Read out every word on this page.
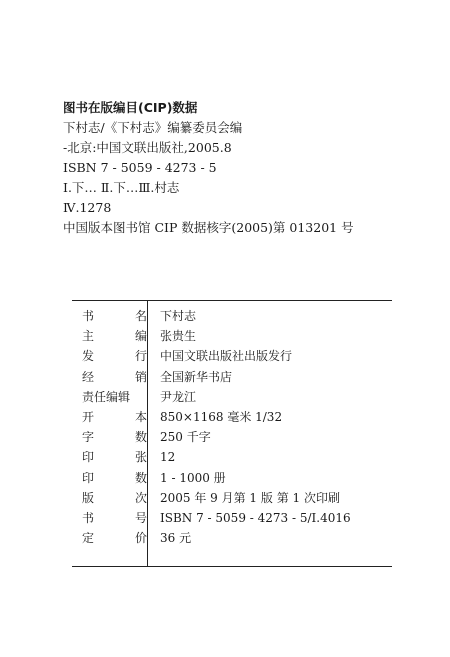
图书在版编目(CIP)数据
下村志/《下村志》编纂委员会编
-北京:中国文联出版社,2005.8
ISBN 7 - 5059 - 4273 - 5
Ⅰ.下… Ⅱ.下…Ⅲ.村志
Ⅳ.1278
中国版本图书馆 CIP 数据核字(2005)第 013201 号
书	名 下村志
主	编 张贵生
发	行 中国文联出版社出版发行
经	销 全国新华书店
责任编辑 尹龙江
开	本 850×1168 毫米 1/32
字	数 250 千字
印	张 12
印	数 1 - 1000 册
版	次 2005 年 9 月第 1 版 第 1 次印刷
书	号 ISBN 7 - 5059 - 4273 - 5/I.4016
定	价 36 元
